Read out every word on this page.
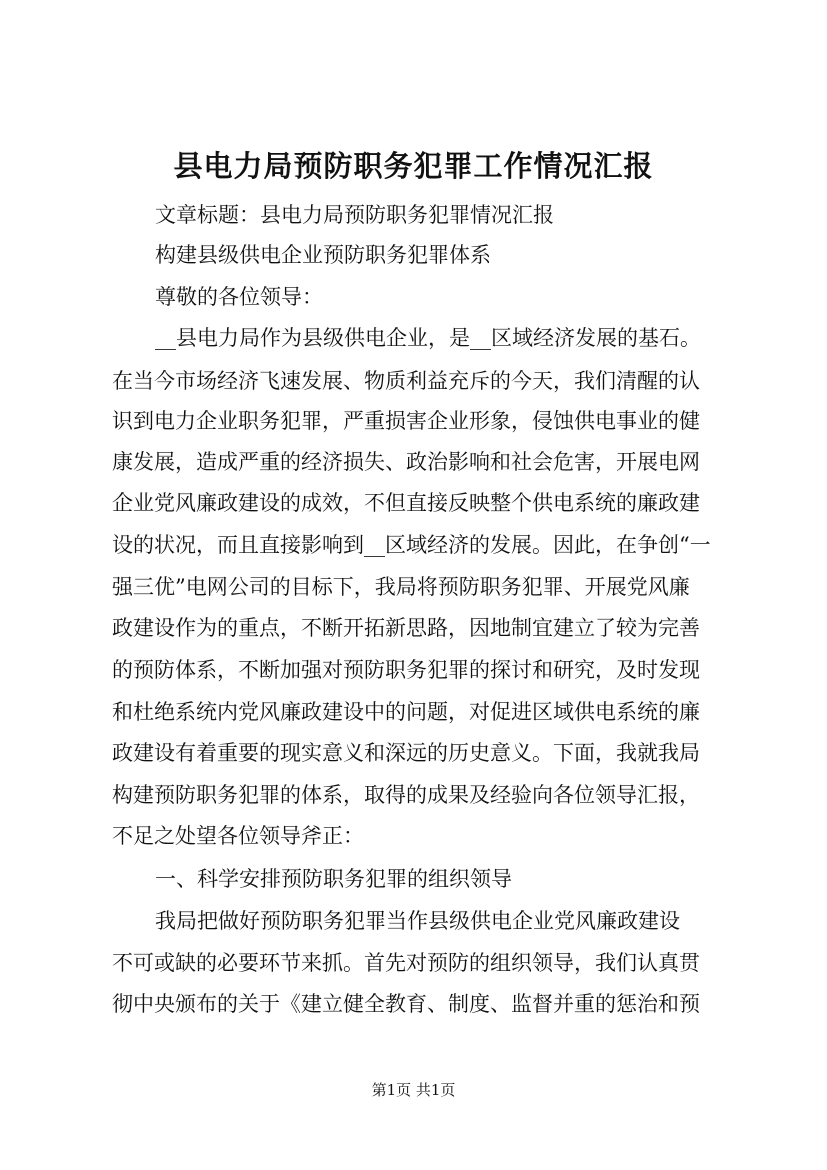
县电力局预防职务犯罪工作情况汇报
文章标题：县电力局预防职务犯罪情况汇报
构建县级供电企业预防职务犯罪体系
尊敬的各位领导：
__县电力局作为县级供电企业，是__区域经济发展的基石。
在当今市场经济飞速发展、物质利益充斥的今天，我们清醒的认
识到电力企业职务犯罪，严重损害企业形象，侵蚀供电事业的健
康发展，造成严重的经济损失、政治影响和社会危害，开展电网
企业党风廉政建设的成效，不但直接反映整个供电系统的廉政建
设的状况，而且直接影响到__区域经济的发展。因此，在争创“一
强三优”电网公司的目标下，我局将预防职务犯罪、开展党风廉
政建设作为的重点，不断开拓新思路，因地制宜建立了较为完善
的预防体系，不断加强对预防职务犯罪的探讨和研究，及时发现
和杜绝系统内党风廉政建设中的问题，对促进区域供电系统的廉
政建设有着重要的现实意义和深远的历史意义。下面，我就我局
构建预防职务犯罪的体系，取得的成果及经验向各位领导汇报，
不足之处望各位领导斧正：
一、科学安排预防职务犯罪的组织领导
我局把做好预防职务犯罪当作县级供电企业党风廉政建设
不可或缺的必要环节来抓。首先对预防的组织领导，我们认真贯
彻中央颁布的关于《建立健全教育、制度、监督并重的惩治和预
第1页 共1页
